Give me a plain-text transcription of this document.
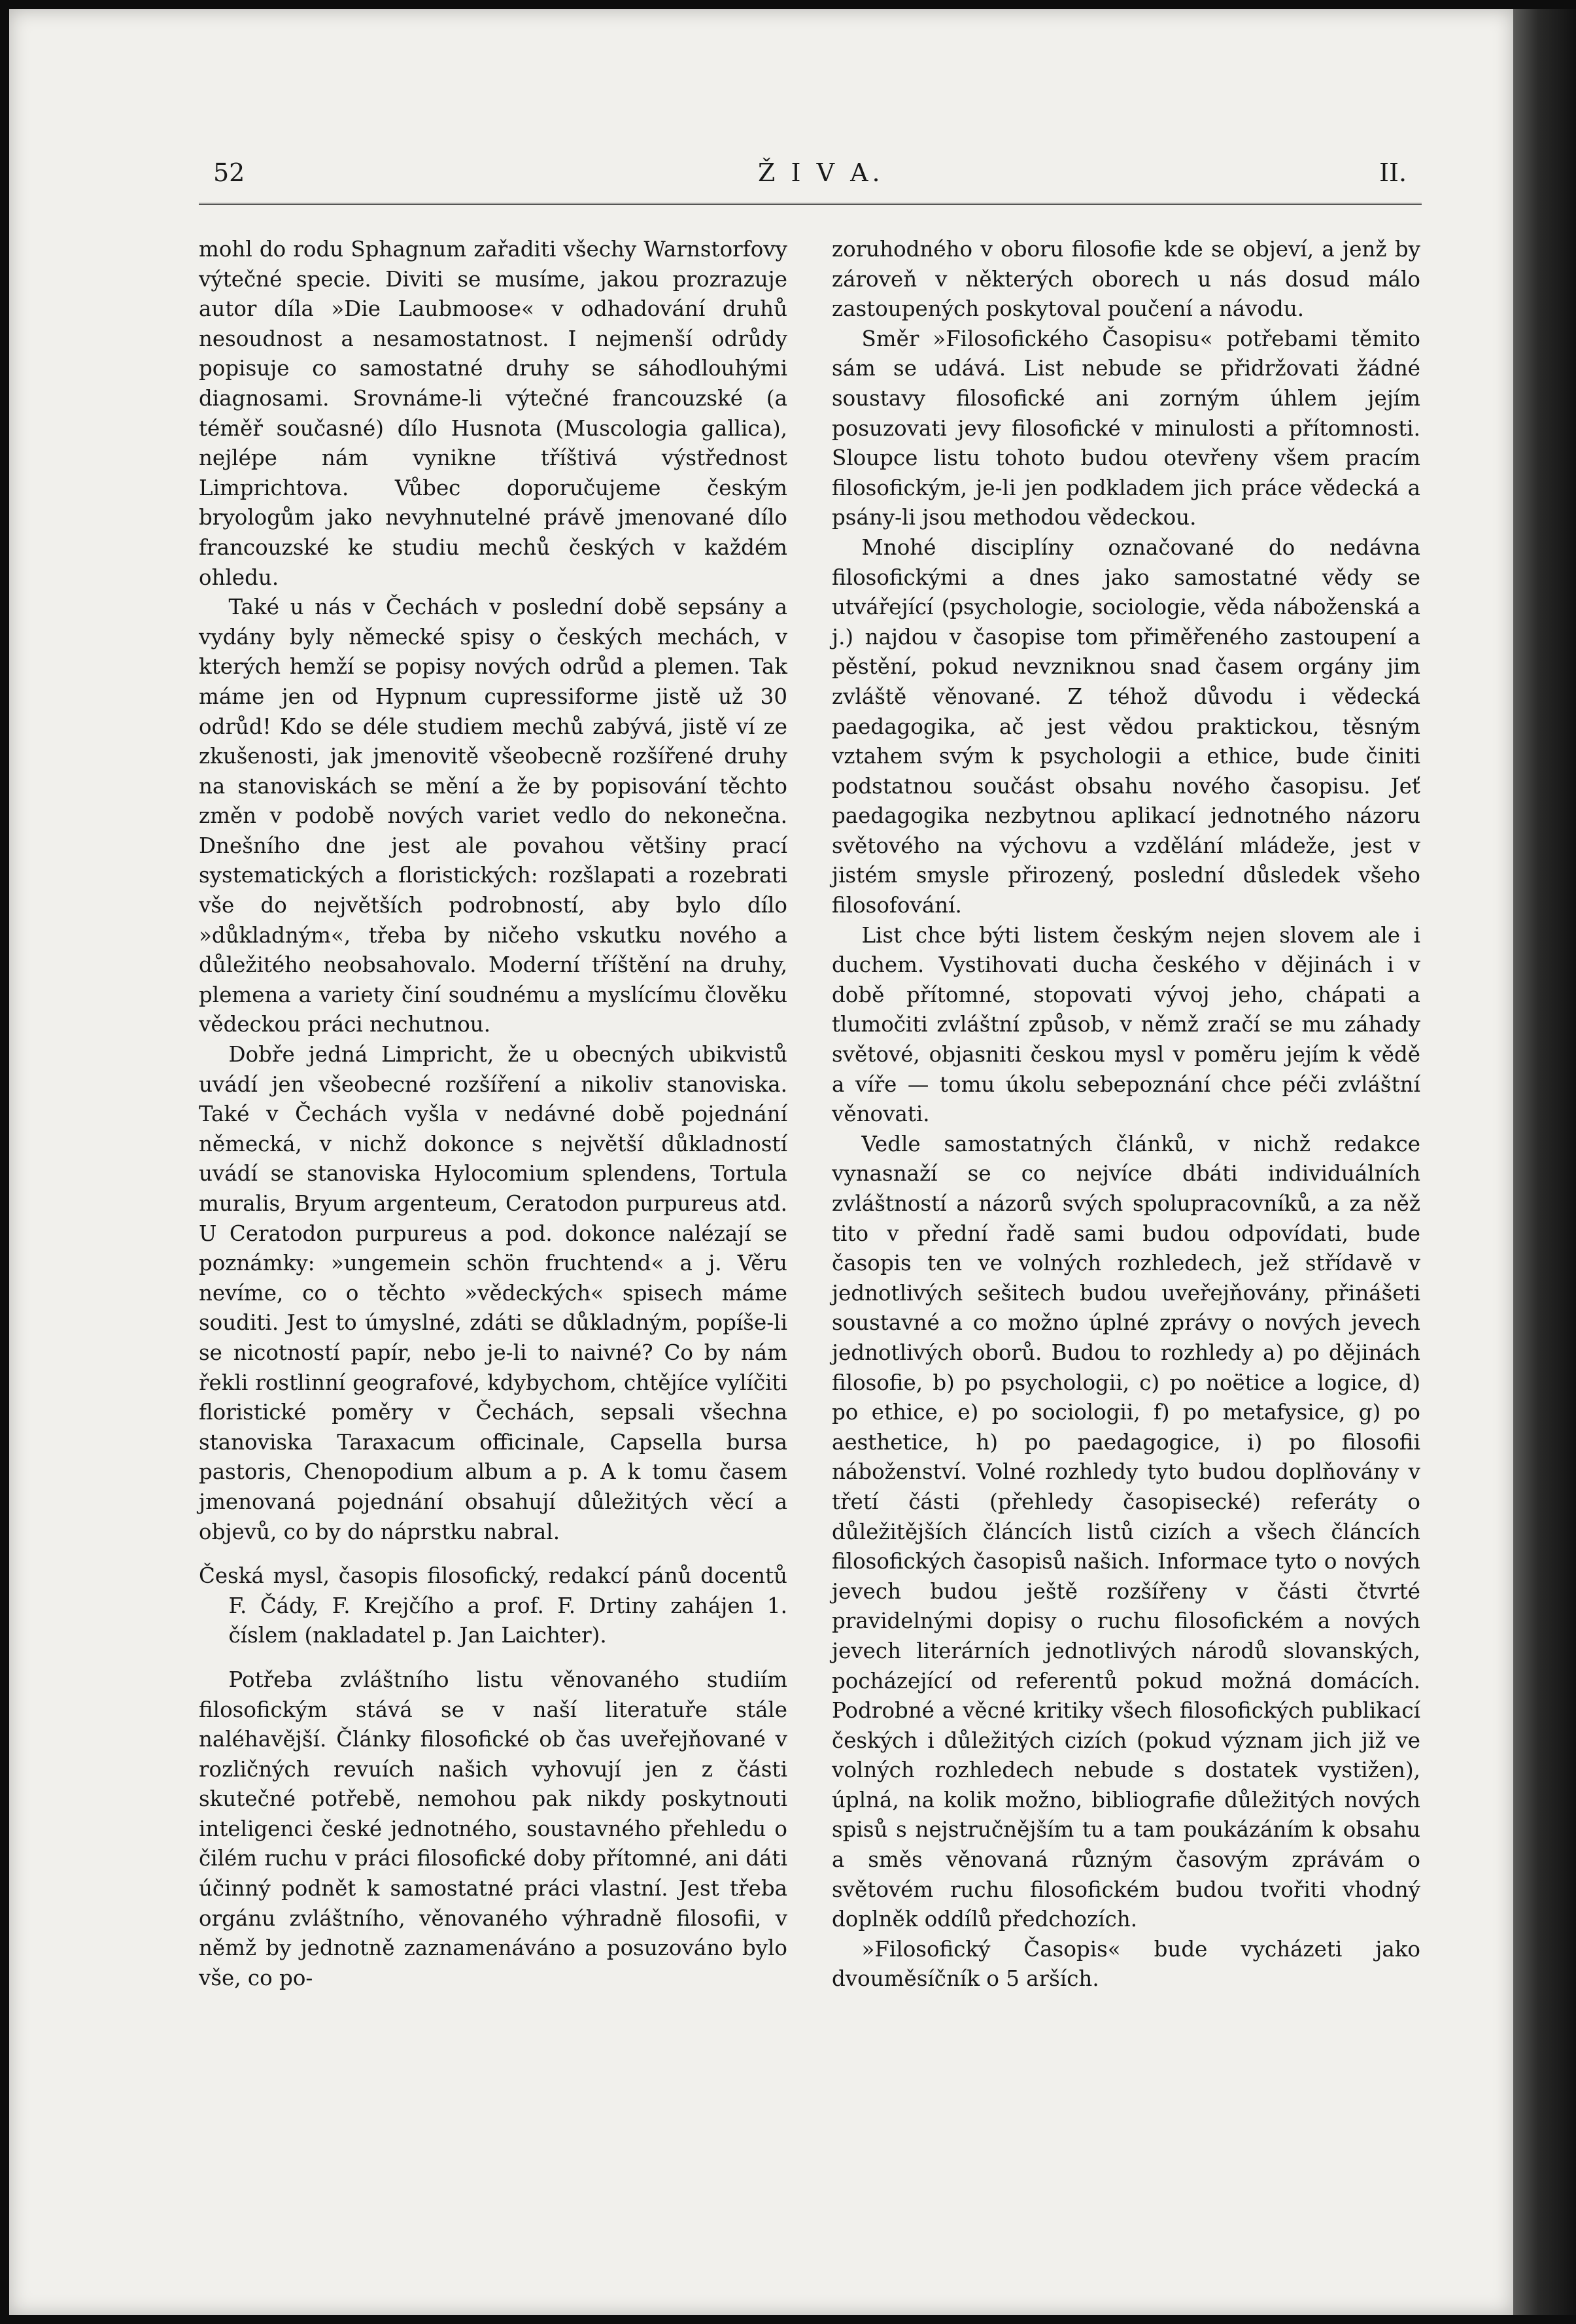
52	Ž I V A.	II.

mohl do rodu Sphagnum zařaditi všechy Warnstorfovy výtečné specie. Diviti se musíme, jakou prozrazuje autor díla »Die Laubmoose« v odhadování druhů nesoudnost a nesamostatnost. I nejmenší odrůdy popisuje co samostatné druhy se sáhodlouhými diagnosami. Srovnáme-li výtečné francouzské (a téměř současné) dílo Husnota (Muscologia gallica), nejlépe nám vynikne tříštivá výstřednost Limprichtova. Vůbec doporučujeme českým bryologům jako nevyhnutelné právě jmenované dílo francouzské ke studiu mechů českých v každém ohledu.

Také u nás v Čechách v poslední době sepsány a vydány byly německé spisy o českých mechách, v kterých hemží se popisy nových odrůd a plemen. Tak máme jen od Hypnum cupressiforme jistě už 30 odrůd! Kdo se déle studiem mechů zabývá, jistě ví ze zkušenosti, jak jmenovitě všeobecně rozšířené druhy na stanoviskách se mění a že by popisování těchto změn v podobě nových variet vedlo do nekonečna. Dnešního dne jest ale povahou většiny prací systematických a floristických: rozšlapati a rozebrati vše do největších podrobností, aby bylo dílo »důkladným«, třeba by ničeho vskutku nového a důležitého neobsahovalo. Moderní tříštění na druhy, plemena a variety činí soudnému a myslícímu člověku vědeckou práci nechutnou.

Dobře jedná Limpricht, že u obecných ubikvistů uvádí jen všeobecné rozšíření a nikoliv stanoviska. Také v Čechách vyšla v nedávné době pojednání německá, v nichž dokonce s největší důkladností uvádí se stanoviska Hylocomium splendens, Tortula muralis, Bryum argenteum, Ceratodon purpureus atd. U Ceratodon purpureus a pod. dokonce nalézají se poznámky: »ungemein schön fruchtend« a j. Věru nevíme, co o těchto »vědeckých« spisech máme souditi. Jest to úmyslné, zdáti se důkladným, popíše-li se nicotností papír, nebo je-li to naivné? Co by nám řekli rostlinní geografové, kdybychom, chtějíce vylíčiti floristické poměry v Čechách, sepsali všechna stanoviska Taraxacum officinale, Capsella bursa pastoris, Chenopodium album a p. A k tomu časem jmenovaná pojednání obsahují důležitých věcí a objevů, co by do náprstku nabral.

Česká mysl, časopis filosofický, redakcí pánů docentů F. Čády, F. Krejčího a prof. F. Drtiny zahájen 1. číslem (nakladatel p. Jan Laichter).

Potřeba zvláštního listu věnovaného studiím filosofickým stává se v naší literatuře stále naléhavější. Články filosofické ob čas uveřejňované v rozličných revuích našich vyhovují jen z části skutečné potřebě, nemohou pak nikdy poskytnouti inteligenci české jednotného, soustavného přehledu o čilém ruchu v práci filosofické doby přítomné, ani dáti účinný podnět k samostatné práci vlastní. Jest třeba orgánu zvláštního, věnovaného výhradně filosofii, v němž by jednotně zaznamenáváno a posuzováno bylo vše, co po-

zoruhodného v oboru filosofie kde se objeví, a jenž by zároveň v některých oborech u nás dosud málo zastoupených poskytoval poučení a návodu.

Směr »Filosofického Časopisu« potřebami těmito sám se udává. List nebude se přidržovati žádné soustavy filosofické ani zorným úhlem jejím posuzovati jevy filosofické v minulosti a přítomnosti. Sloupce listu tohoto budou otevřeny všem pracím filosofickým, je-li jen podkladem jich práce vědecká a psány-li jsou methodou vědeckou.

Mnohé disciplíny označované do nedávna filosofickými a dnes jako samostatné vědy se utvářející (psychologie, sociologie, věda náboženská a j.) najdou v časopise tom přiměřeného zastoupení a pěstění, pokud nevzniknou snad časem orgány jim zvláště věnované. Z téhož důvodu i vědecká paedagogika, ač jest vědou praktickou, těsným vztahem svým k psychologii a ethice, bude činiti podstatnou součást obsahu nového časopisu. Jeť paedagogika nezbytnou aplikací jednotného názoru světového na výchovu a vzdělání mládeže, jest v jistém smysle přirozený, poslední důsledek všeho filosofování.

List chce býti listem českým nejen slovem ale i duchem. Vystihovati ducha českého v dějinách i v době přítomné, stopovati vývoj jeho, chápati a tlumočiti zvláštní způsob, v němž zračí se mu záhady světové, objasniti českou mysl v poměru jejím k vědě a víře — tomu úkolu sebepoznání chce péči zvláštní věnovati.

Vedle samostatných článků, v nichž redakce vynasnaží se co nejvíce dbáti individuálních zvláštností a názorů svých spolupracovníků, a za něž tito v přední řadě sami budou odpovídati, bude časopis ten ve volných rozhledech, jež střídavě v jednotlivých sešitech budou uveřejňovány, přinášeti soustavné a co možno úplné zprávy o nových jevech jednotlivých oborů. Budou to rozhledy a) po dějinách filosofie, b) po psychologii, c) po noëtice a logice, d) po ethice, e) po sociologii, f) po metafysice, g) po aesthetice, h) po paedagogice, i) po filosofii náboženství. Volné rozhledy tyto budou doplňovány v třetí části (přehledy časopisecké) referáty o důležitějších článcích listů cizích a všech článcích filosofických časopisů našich. Informace tyto o nových jevech budou ještě rozšířeny v části čtvrté pravidelnými dopisy o ruchu filosofickém a nových jevech literárních jednotlivých národů slovanských, pocházející od referentů pokud možná domácích. Podrobné a věcné kritiky všech filosofických publikací českých i důležitých cizích (pokud význam jich již ve volných rozhledech nebude s dostatek vystižen), úplná, na kolik možno, bibliografie důležitých nových spisů s nejstručnějším tu a tam poukázáním k obsahu a směs věnovaná různým časovým zprávám o světovém ruchu filosofickém budou tvořiti vhodný doplněk oddílů předchozích.

»Filosofický Časopis« bude vycházeti jako dvouměsíčník o 5 arších.
